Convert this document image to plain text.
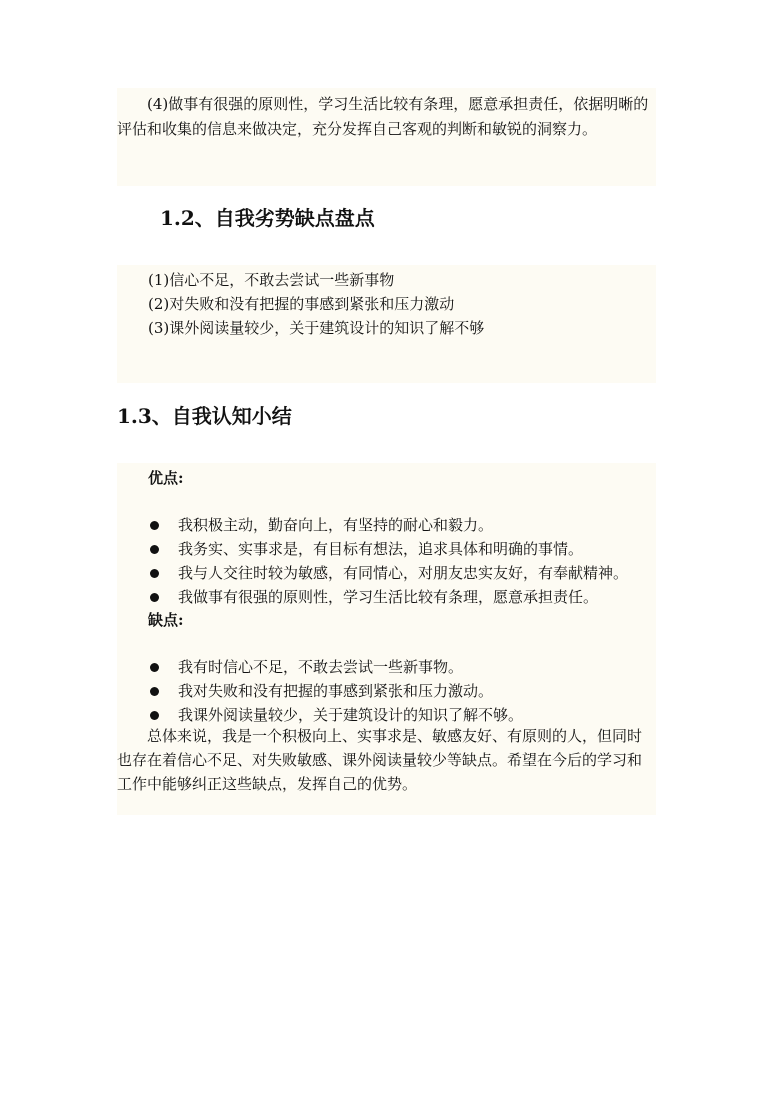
(4)做事有很强的原则性，学习生活比较有条理，愿意承担责任，依据明晰的评估和收集的信息来做决定，充分发挥自己客观的判断和敏锐的洞察力。

1.2、自我劣势缺点盘点
(1)信心不足，不敢去尝试一些新事物
(2)对失败和没有把握的事感到紧张和压力激动
(3)课外阅读量较少，关于建筑设计的知识了解不够
1.3、自我认知小结
优点:
我积极主动，勤奋向上，有坚持的耐心和毅力。
我务实、实事求是，有目标有想法，追求具体和明确的事情。
我与人交往时较为敏感，有同情心，对朋友忠实友好，有奉献精神。
我做事有很强的原则性，学习生活比较有条理，愿意承担责任。
缺点:
我有时信心不足，不敢去尝试一些新事物。
我对失败和没有把握的事感到紧张和压力激动。
我课外阅读量较少，关于建筑设计的知识了解不够。

总体来说，我是一个积极向上、实事求是、敏感友好、有原则的人，但同时也存在着信心不足、对失败敏感、课外阅读量较少等缺点。希望在今后的学习和工作中能够纠正这些缺点，发挥自己的优势。
